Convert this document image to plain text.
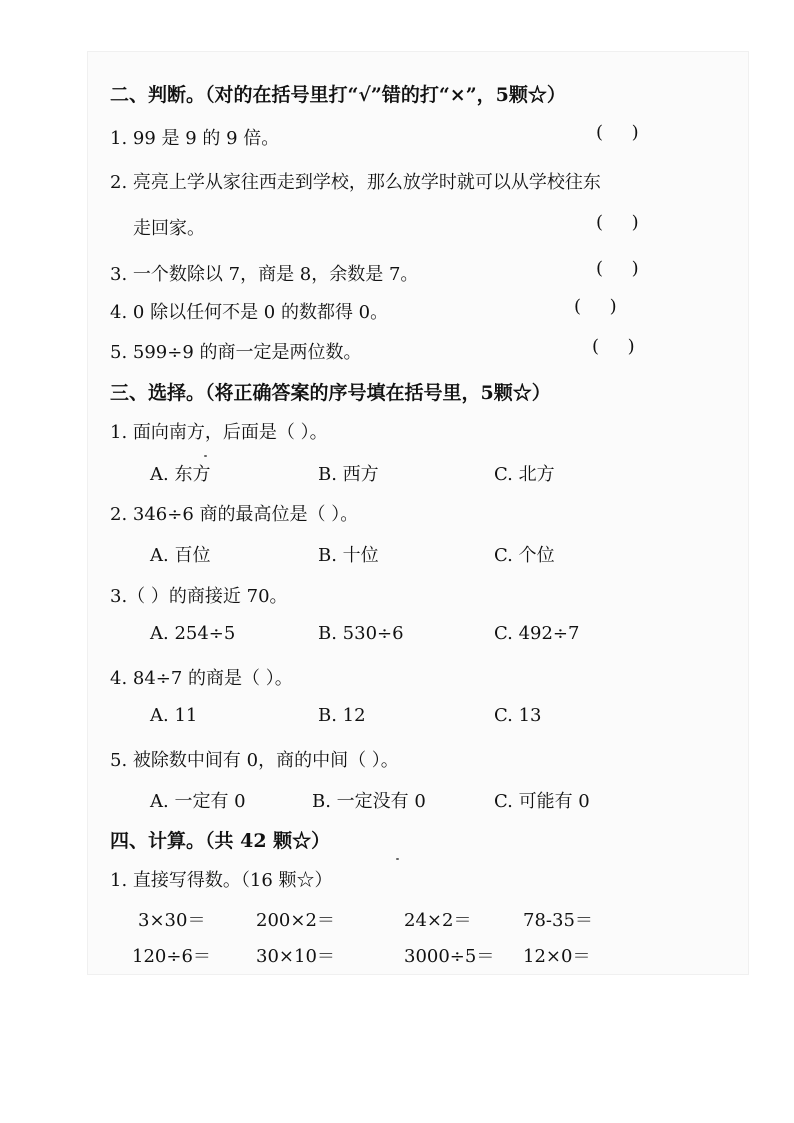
二、判断。（对的在括号里打“√”错的打“×”，5颗☆）
1. 99 是 9 的 9 倍。	(     )
2. 亮亮上学从家往西走到学校，那么放学时就可以从学校往东
走回家。	(     )
3. 一个数除以 7，商是 8，余数是 7。	(     )
4. 0 除以任何不是 0 的数都得 0。	(     )
5. 599÷9 的商一定是两位数。	(     )
三、选择。（将正确答案的序号填在括号里，5颗☆）
1. 面向南方，后面是（ ）。
A. 东方	B. 西方	C. 北方
2. 346÷6 商的最高位是（ ）。
A. 百位	B. 十位	C. 个位
3.（ ）的商接近 70。
A. 254÷5	B. 530÷6	C. 492÷7
4. 84÷7 的商是（ ）。
A. 11	B. 12	C. 13
5. 被除数中间有 0，商的中间（ ）。
A. 一定有 0	B. 一定没有 0	C. 可能有 0
四、计算。（共 42 颗☆）
1. 直接写得数。（16 颗☆）
3×30＝	200×2＝	24×2＝	78-35＝
120÷6＝	30×10＝	3000÷5＝ 12×0＝
